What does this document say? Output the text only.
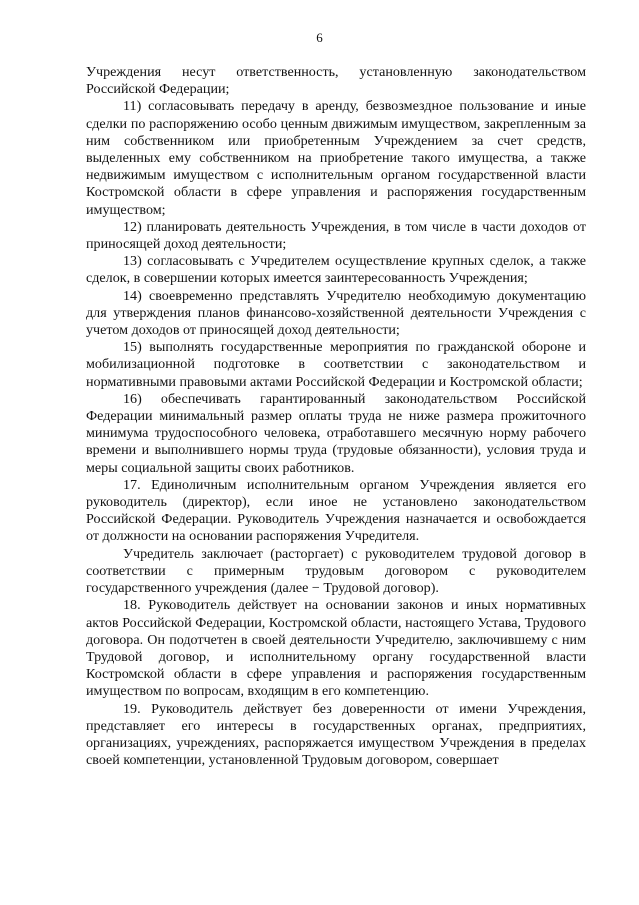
6

Учреждения несут ответственность, установленную законодательством Российской Федерации;

11) согласовывать передачу в аренду, безвозмездное пользование и иные сделки по распоряжению особо ценным движимым имуществом, закрепленным за ним собственником или приобретенным Учреждением за счет средств, выделенных ему собственником на приобретение такого имущества, а также недвижимым имуществом с исполнительным органом государственной власти Костромской области в сфере управления и распоряжения государственным имуществом;

12) планировать деятельность Учреждения, в том числе в части доходов от приносящей доход деятельности;

13) согласовывать с Учредителем осуществление крупных сделок, а также сделок, в совершении которых имеется заинтересованность Учреждения;

14) своевременно представлять Учредителю необходимую документацию для утверждения планов финансово-хозяйственной деятельности Учреждения с учетом доходов от приносящей доход деятельности;

15) выполнять государственные мероприятия по гражданской обороне и мобилизационной подготовке в соответствии с законодательством и нормативными правовыми актами Российской Федерации и Костромской области;

16) обеспечивать гарантированный законодательством Российской Федерации минимальный размер оплаты труда не ниже размера прожиточного минимума трудоспособного человека, отработавшего месячную норму рабочего времени и выполнившего нормы труда (трудовые обязанности), условия труда и меры социальной защиты своих работников.

17. Единоличным исполнительным органом Учреждения является его руководитель (директор), если иное не установлено законодательством Российской Федерации. Руководитель Учреждения назначается и освобождается от должности на основании распоряжения Учредителя.

Учредитель заключает (расторгает) с руководителем трудовой договор в соответствии с примерным трудовым договором с руководителем государственного учреждения (далее − Трудовой договор).

18. Руководитель действует на основании законов и иных нормативных актов Российской Федерации, Костромской области, настоящего Устава, Трудового договора. Он подотчетен в своей деятельности Учредителю, заключившему с ним Трудовой договор, и исполнительному органу государственной власти Костромской области в сфере управления и распоряжения государственным имуществом по вопросам, входящим в его компетенцию.

19. Руководитель действует без доверенности от имени Учреждения, представляет его интересы в государственных органах, предприятиях, организациях, учреждениях, распоряжается имуществом Учреждения в пределах своей компетенции, установленной Трудовым договором, совершает
